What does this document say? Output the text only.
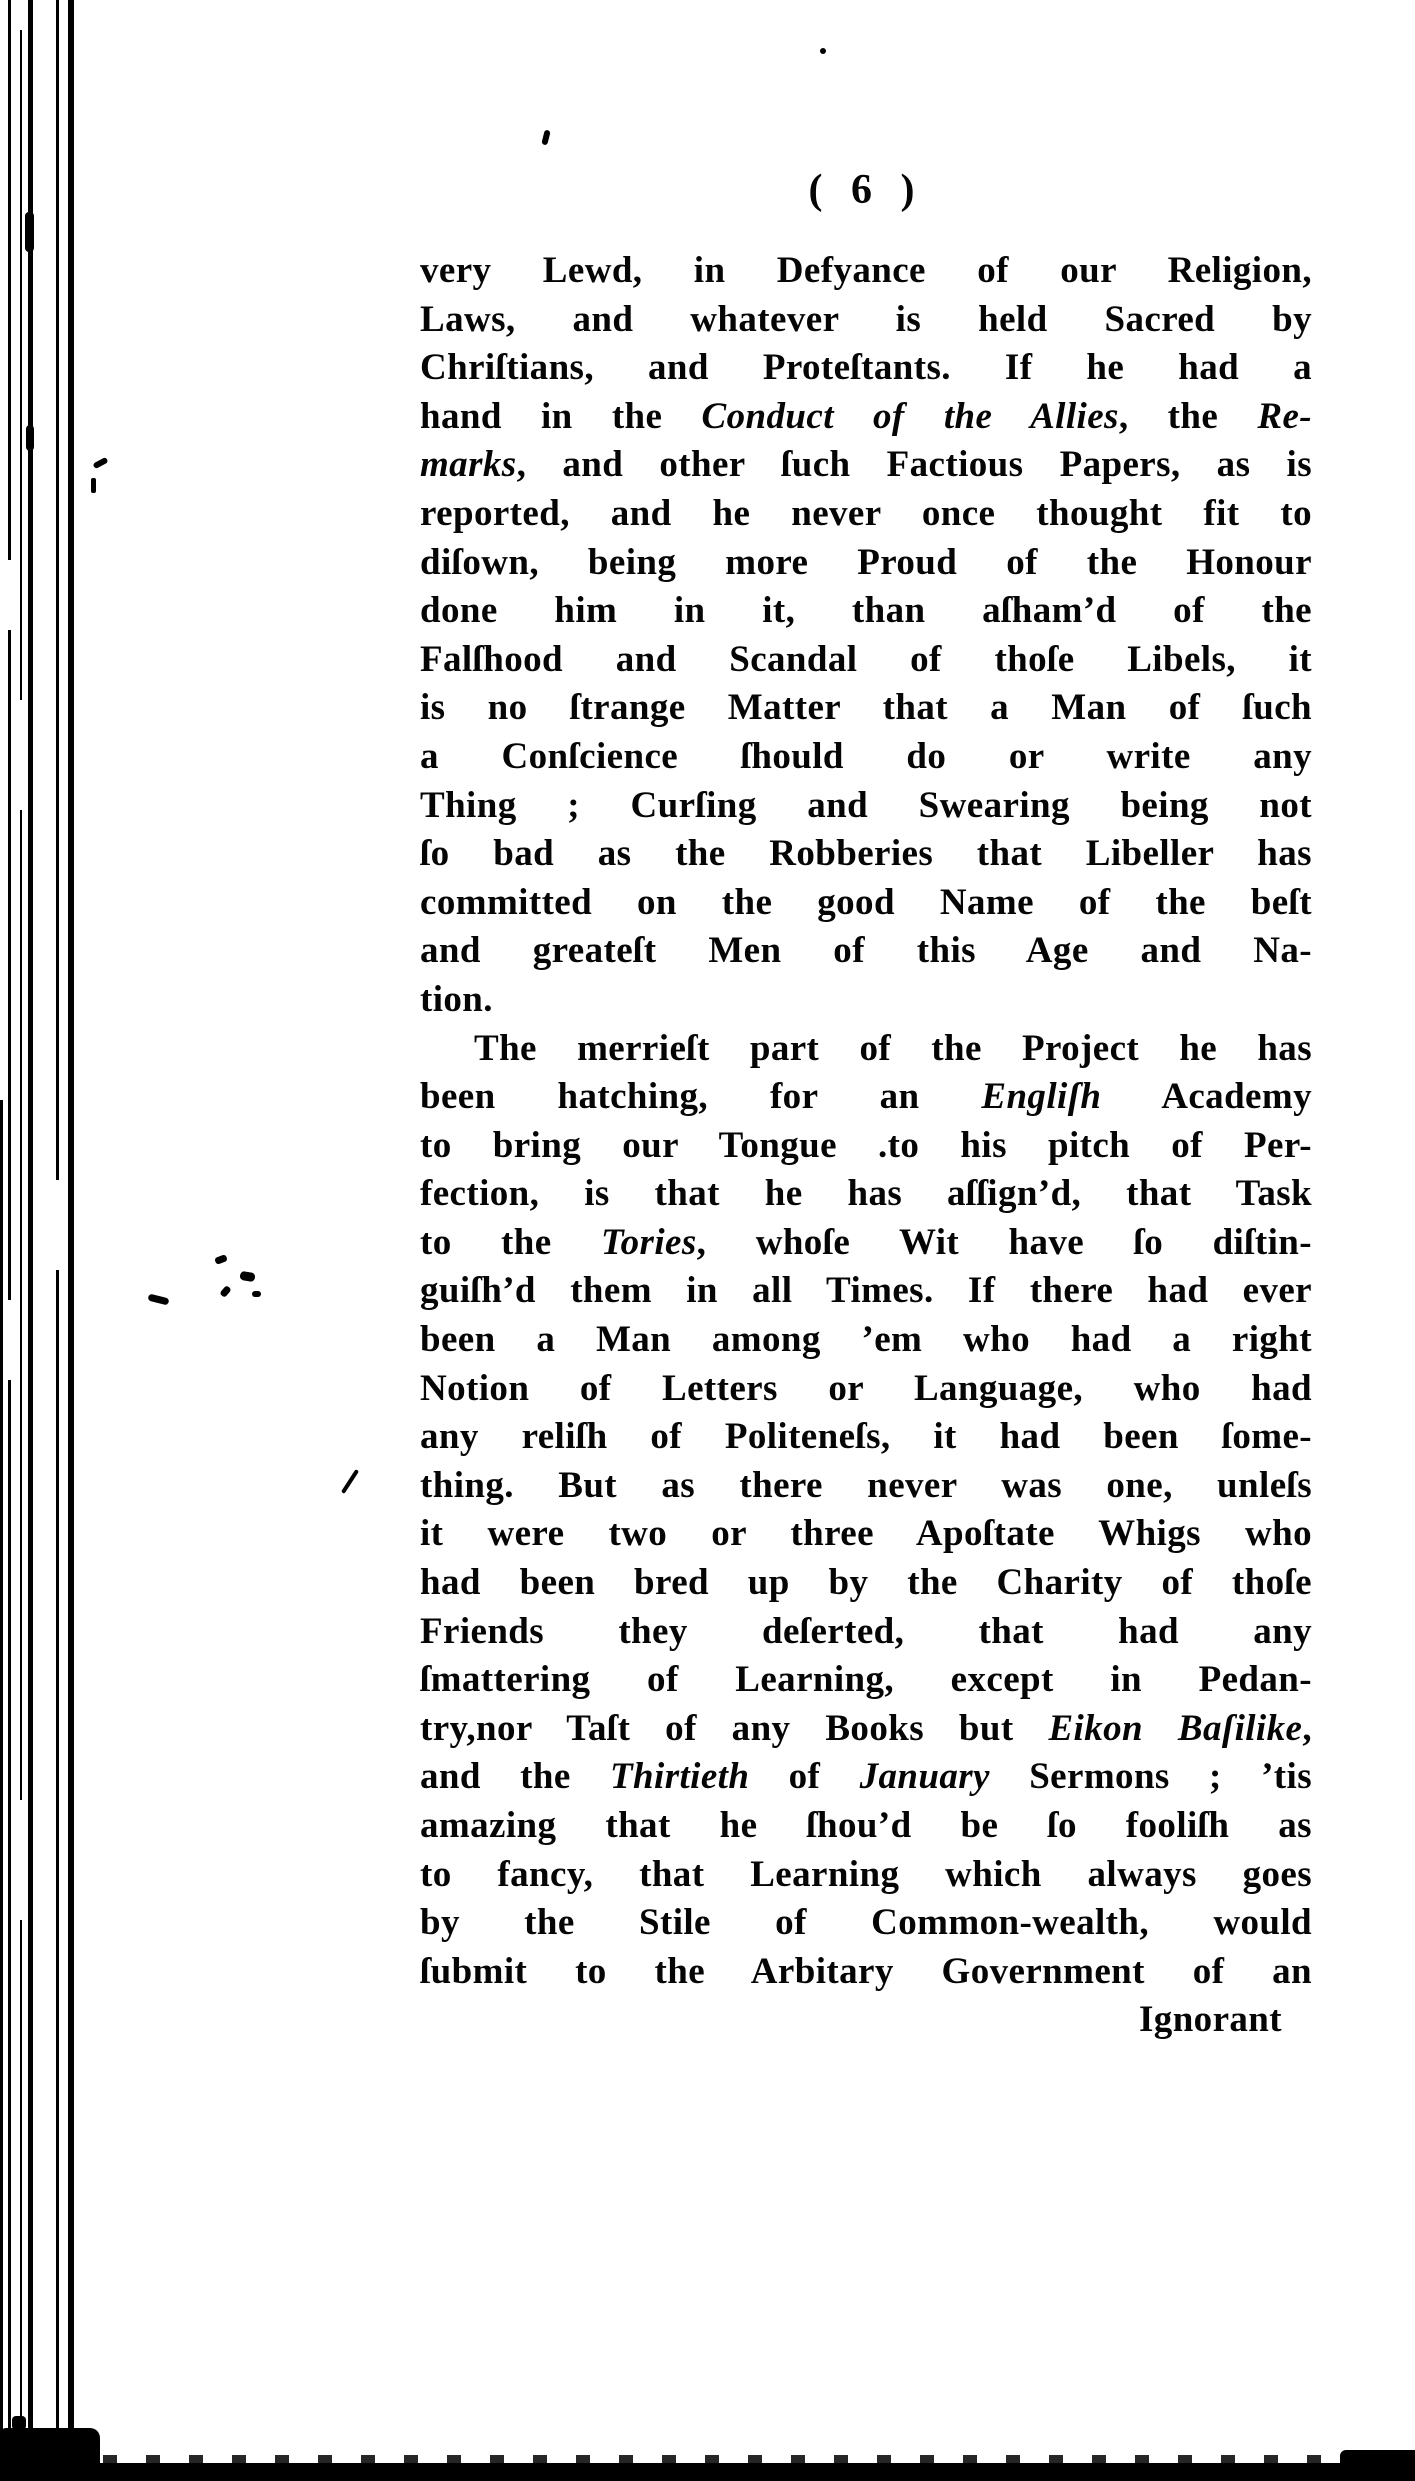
( 6 )
very Lewd, in Defyance of our Religion,
Laws, and whatever is held Sacred by
Chriſtians, and Proteſtants. If he had a
hand in the Conduct of the Allies, the Re-
marks, and other ſuch Factious Papers, as is
reported, and he never once thought fit to
diſown, being more Proud of the Honour
done him in it, than aſham’d of the
Falſhood and Scandal of thoſe Libels, it
is no ſtrange Matter that a Man of ſuch
a Conſcience ſhould do or write any
Thing ; Curſing and Swearing being not
ſo bad as the Robberies that Libeller has
committed on the good Name of the beſt
and greateſt Men of this Age and Na-
tion.
The merrieſt part of the Project he has
been hatching, for an Engliſh Academy
to bring our Tongue .to his pitch of Per-
fection, is that he has aſſign’d, that Task
to the Tories, whoſe Wit have ſo diſtin-
guiſh’d them in all Times. If there had ever
been a Man among ’em who had a right
Notion of Letters or Language, who had
any reliſh of Politeneſs, it had been ſome-
thing. But as there never was one, unleſs
it were two or three Apoſtate Whigs who
had been bred up by the Charity of thoſe
Friends they deſerted, that had any
ſmattering of Learning, except in Pedan-
try,nor Taſt of any Books but Eikon Baſilike,
and the Thirtieth of January Sermons ; ’tis
amazing that he ſhou’d be ſo fooliſh as
to fancy, that Learning which always goes
by the Stile of Common-wealth, would
ſubmit to the Arbitary Government of an
Ignorant
